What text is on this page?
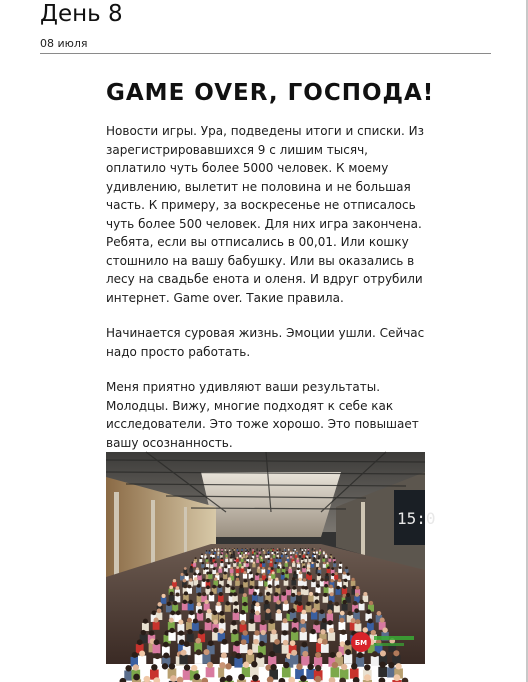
День 8
08 июля
GAME OVER, ГОСПОДА!

Новости игры. Ура, подведены итоги и списки. Из зарегистрировавшихся 9 с лишим тысяч, оплатило чуть более 5000 человек. К моему удивлению, вылетит не половина и не большая часть. К примеру, за воскресенье не отписалось чуть более 500 человек. Для них игра закончена. Ребята, если вы отписались в 00,01. Или кошку стошнило на вашу бабушку. Или вы оказались в лесу на свадьбе енота и оленя. И вдруг отрубили интернет. Game over. Такие правила.

Начинается суровая жизнь. Эмоции ушли. Сейчас надо просто работать.

Меня приятно удивляют ваши результаты. Молодцы. Вижу, многие подходят к себе как исследователи. Это тоже хорошо. Это повышает вашу осознанность.

15:0
БМ
